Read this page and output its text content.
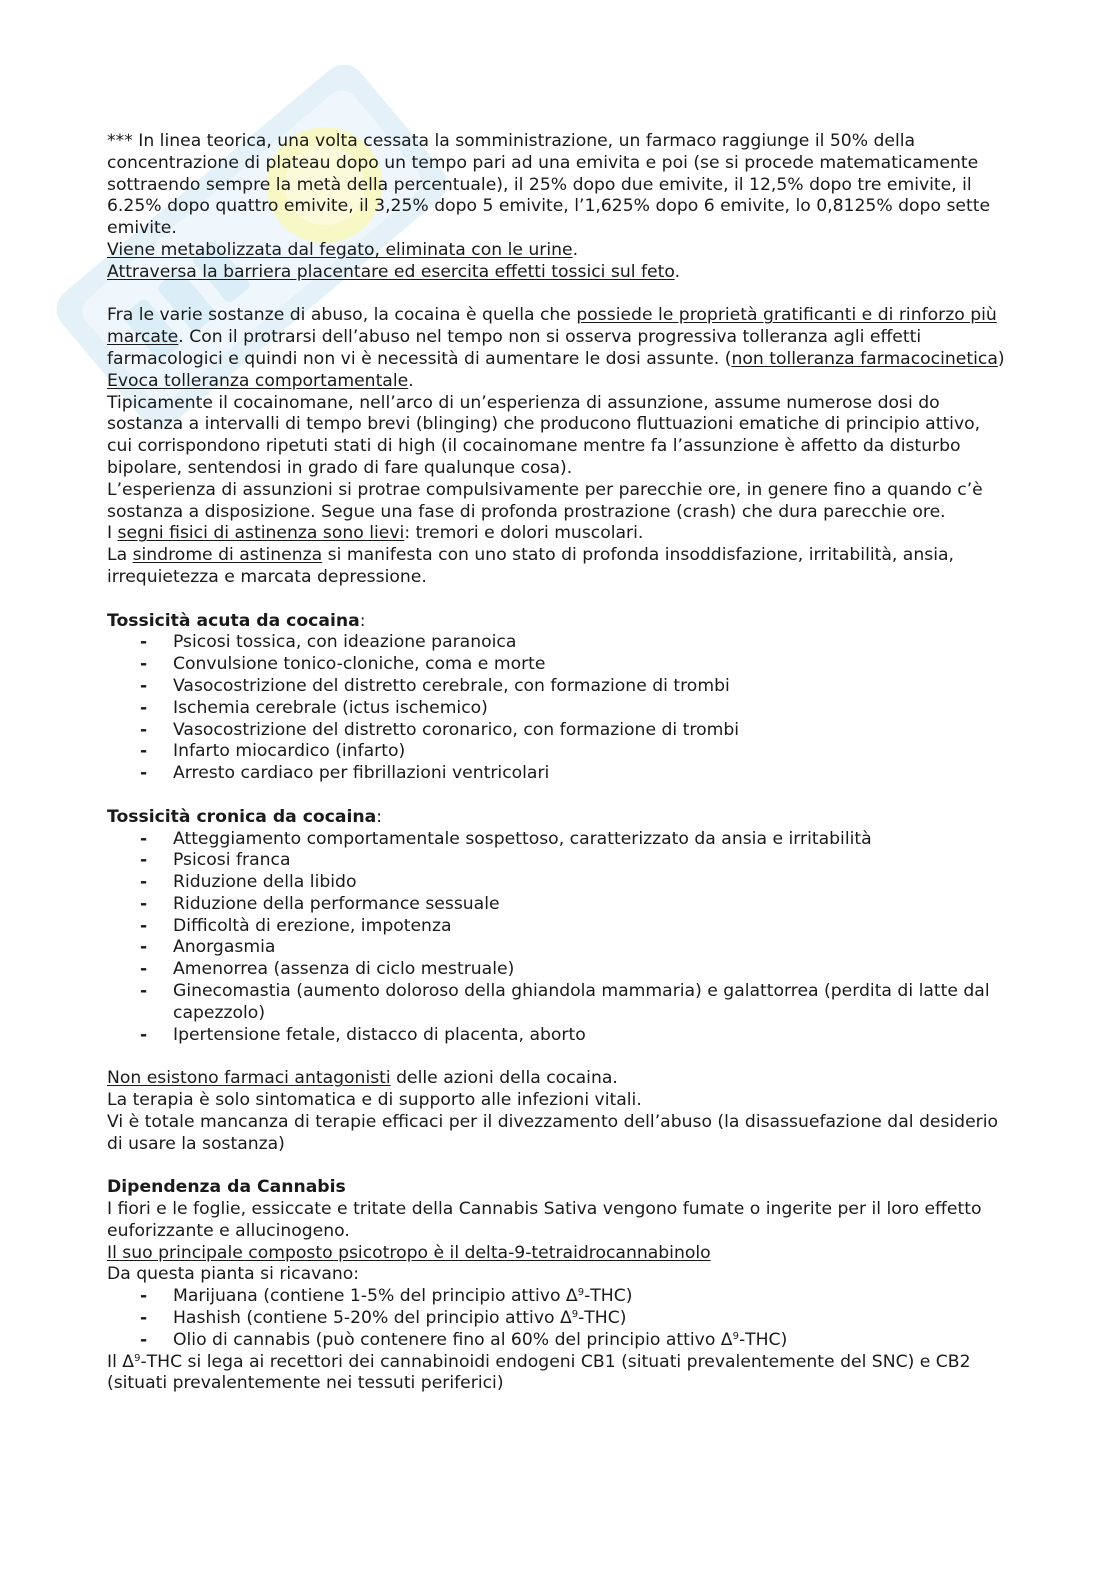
*** In linea teorica, una volta cessata la somministrazione, un farmaco raggiunge il 50% della concentrazione di plateau dopo un tempo pari ad una emivita e poi (se si procede matematicamente sottraendo sempre la metà della percentuale), il 25% dopo due emivite, il 12,5% dopo tre emivite, il 6.25% dopo quattro emivite, il 3,25% dopo 5 emivite, l’1,625% dopo 6 emivite, lo 0,8125% dopo sette emivite.

Viene metabolizzata dal fegato, eliminata con le urine.

Attraversa la barriera placentare ed esercita effetti tossici sul feto.

Fra le varie sostanze di abuso, la cocaina è quella che possiede le proprietà gratificanti e di rinforzo più marcate. Con il protrarsi dell’abuso nel tempo non si osserva progressiva tolleranza agli effetti farmacologici e quindi non vi è necessità di aumentare le dosi assunte. (non tolleranza farmacocinetica)

Evoca tolleranza comportamentale.

Tipicamente il cocainomane, nell’arco di un’esperienza di assunzione, assume numerose dosi do sostanza a intervalli di tempo brevi (blinging) che producono fluttuazioni ematiche di principio attivo, cui corrispondono ripetuti stati di high (il cocainomane mentre fa l’assunzione è affetto da disturbo bipolare, sentendosi in grado di fare qualunque cosa).

L’esperienza di assunzioni si protrae compulsivamente per parecchie ore, in genere fino a quando c’è sostanza a disposizione. Segue una fase di profonda prostrazione (crash) che dura parecchie ore.

I segni fisici di astinenza sono lievi: tremori e dolori muscolari.

La sindrome di astinenza si manifesta con uno stato di profonda insoddisfazione, irritabilità, ansia, irrequietezza e marcata depressione.

Tossicità acuta da cocaina:

- Psicosi tossica, con ideazione paranoica
- Convulsione tonico-cloniche, coma e morte
- Vasocostrizione del distretto cerebrale, con formazione di trombi
- Ischemia cerebrale (ictus ischemico)
- Vasocostrizione del distretto coronarico, con formazione di trombi
- Infarto miocardico (infarto)
- Arresto cardiaco per fibrillazioni ventricolari

Tossicità cronica da cocaina:

- Atteggiamento comportamentale sospettoso, caratterizzato da ansia e irritabilità
- Psicosi franca
- Riduzione della libido
- Riduzione della performance sessuale
- Difficoltà di erezione, impotenza
- Anorgasmia
- Amenorrea (assenza di ciclo mestruale)
- Ginecomastia (aumento doloroso della ghiandola mammaria) e galattorrea (perdita di latte dal capezzolo)
- Ipertensione fetale, distacco di placenta, aborto

Non esistono farmaci antagonisti delle azioni della cocaina.

La terapia è solo sintomatica e di supporto alle infezioni vitali.

Vi è totale mancanza di terapie efficaci per il divezzamento dell’abuso (la disassuefazione dal desiderio di usare la sostanza)

Dipendenza da Cannabis

I fiori e le foglie, essiccate e tritate della Cannabis Sativa vengono fumate o ingerite per il loro effetto euforizzante e allucinogeno.

Il suo principale composto psicotropo è il delta-9-tetraidrocannabinolo

Da questa pianta si ricavano:

- Marijuana (contiene 1-5% del principio attivo $\Delta^9-THC$)
- Hashish (contiene 5-20% del principio attivo $\Delta^9-THC$)
- Olio di cannabis (può contenere fino al 60% del principio attivo $\Delta^9-THC$)

Il $\Delta^9$-THC si lega ai recettori dei cannabinoidi endogeni CB1 (situati prevalentemente del SNC) e CB2 (situati prevalentemente nei tessuti periferici)
